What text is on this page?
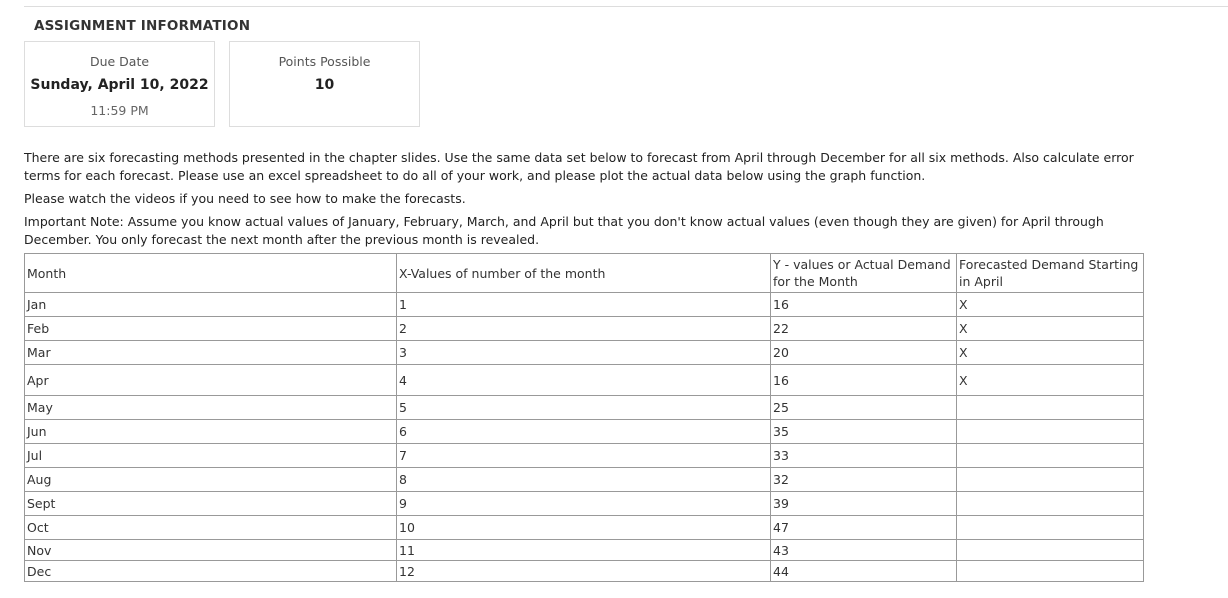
ASSIGNMENT INFORMATION
Due Date
Sunday, April 10, 2022
11:59 PM
Points Possible
10
There are six forecasting methods presented in the chapter slides. Use the same data set below to forecast from April through December for all six methods. Also calculate error terms for each forecast. Please use an excel spreadsheet to do all of your work, and please plot the actual data below using the graph function.
Please watch the videos if you need to see how to make the forecasts.
Important Note: Assume you know actual values of January, February, March, and April but that you don't know actual values (even though they are given) for April through December. You only forecast the next month after the previous month is revealed.
Month	X-Values of number of the month	Y - values or Actual Demand for the Month	Forecasted Demand Starting in April
Jan	1	16	X
Feb	2	22	X
Mar	3	20	X
Apr	4	16	X
May	5	25	
Jun	6	35	
Jul	7	33	
Aug	8	32	
Sept	9	39	
Oct	10	47	
Nov	11	43	
Dec	12	44	
